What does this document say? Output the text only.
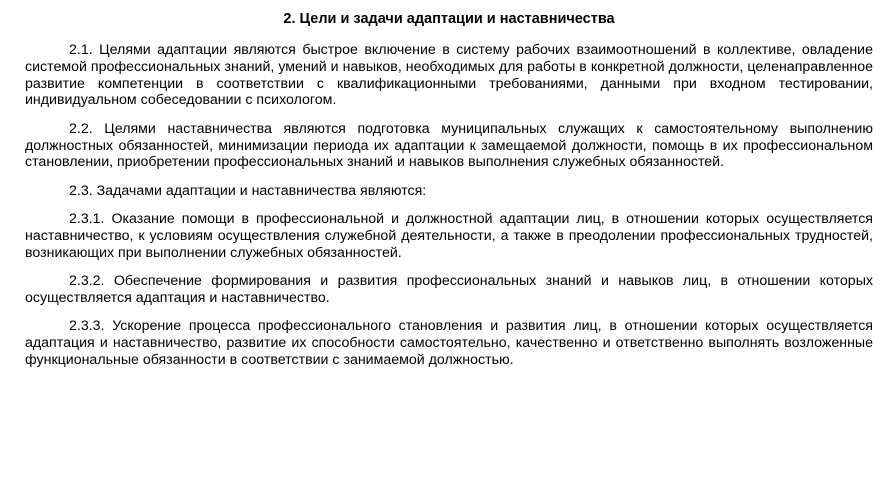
2. Цели и задачи адаптации и наставничества

2.1. Целями адаптации являются быстрое включение в систему рабочих взаимоотношений в коллективе, овладение системой профессиональных знаний, умений и навыков, необходимых для работы в конкретной должности, целенаправленное развитие компетенции в соответствии с квалификационными требованиями, данными при входном тестировании, индивидуальном собеседовании с психологом.

2.2. Целями наставничества являются подготовка муниципальных служащих к самостоятельному выполнению должностных обязанностей, минимизации периода их адаптации к замещаемой должности, помощь в их профессиональном становлении, приобретении профессиональных знаний и навыков выполнения служебных обязанностей.

2.3. Задачами адаптации и наставничества являются:

2.3.1. Оказание помощи в профессиональной и должностной адаптации лиц, в отношении которых осуществляется наставничество, к условиям осуществления служебной деятельности, а также в преодолении профессиональных трудностей, возникающих при выполнении служебных обязанностей.

2.3.2. Обеспечение формирования и развития профессиональных знаний и навыков лиц, в отношении которых осуществляется адаптация и наставничество.

2.3.3. Ускорение процесса профессионального становления и развития лиц, в отношении которых осуществляется адаптация и наставничество, развитие их способности самостоятельно, качественно и ответственно выполнять возложенные функциональные обязанности в соответствии с занимаемой должностью.
